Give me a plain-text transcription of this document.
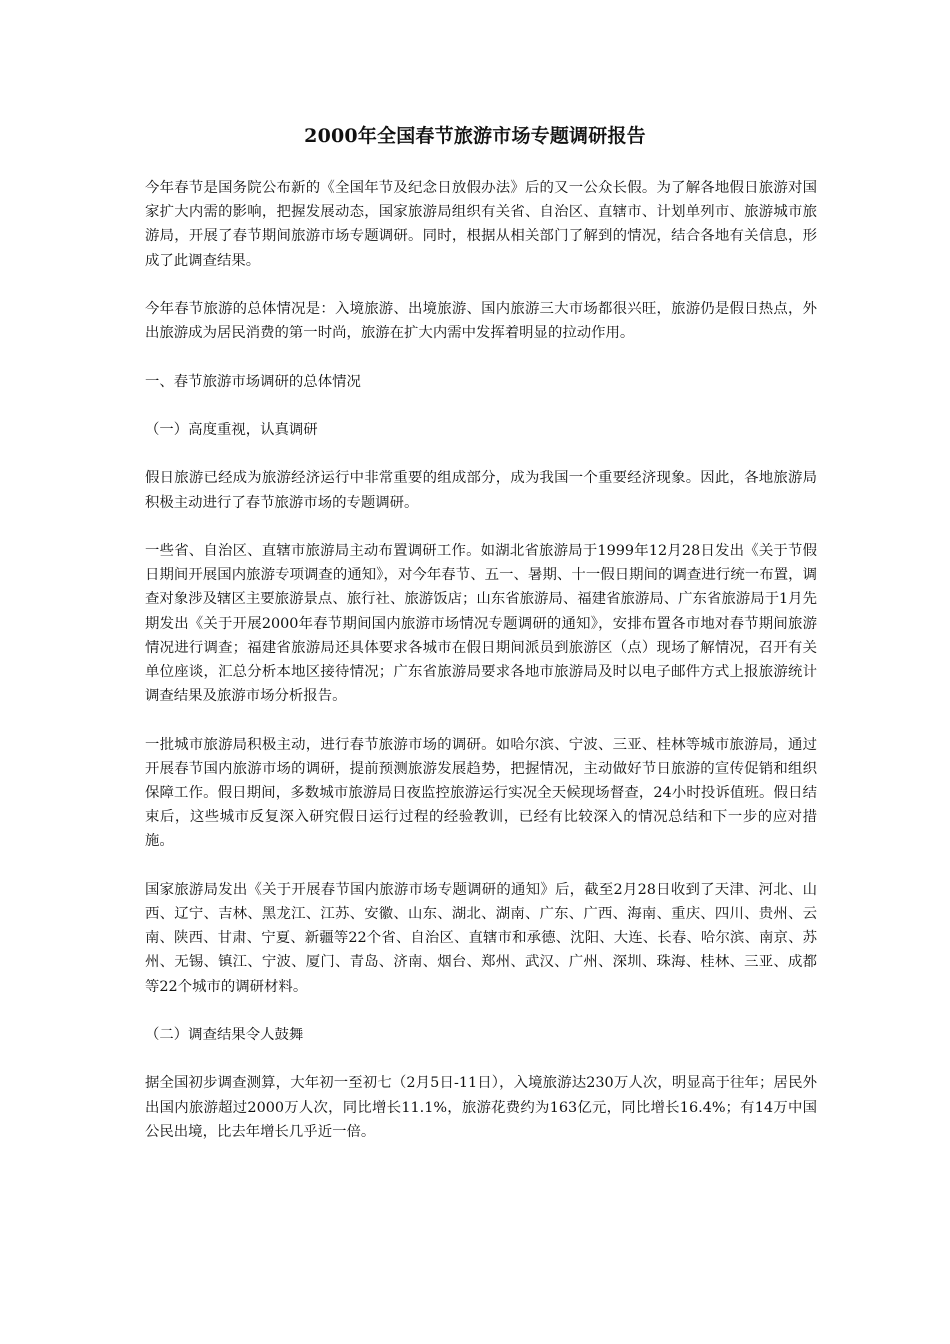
2000年全国春节旅游市场专题调研报告

今年春节是国务院公布新的《全国年节及纪念日放假办法》后的又一公众长假。为了解各地假日旅游对国家扩大内需的影响，把握发展动态，国家旅游局组织有关省、自治区、直辖市、计划单列市、旅游城市旅游局，开展了春节期间旅游市场专题调研。同时，根据从相关部门了解到的情况，结合各地有关信息，形成了此调查结果。

今年春节旅游的总体情况是：入境旅游、出境旅游、国内旅游三大市场都很兴旺，旅游仍是假日热点，外出旅游成为居民消费的第一时尚，旅游在扩大内需中发挥着明显的拉动作用。

一、春节旅游市场调研的总体情况

（一）高度重视，认真调研

假日旅游已经成为旅游经济运行中非常重要的组成部分，成为我国一个重要经济现象。因此，各地旅游局积极主动进行了春节旅游市场的专题调研。

一些省、自治区、直辖市旅游局主动布置调研工作。如湖北省旅游局于1999年12月28日发出《关于节假日期间开展国内旅游专项调查的通知》，对今年春节、五一、暑期、十一假日期间的调查进行统一布置，调查对象涉及辖区主要旅游景点、旅行社、旅游饭店；山东省旅游局、福建省旅游局、广东省旅游局于1月先期发出《关于开展2000年春节期间国内旅游市场情况专题调研的通知》，安排布置各市地对春节期间旅游情况进行调查；福建省旅游局还具体要求各城市在假日期间派员到旅游区（点）现场了解情况，召开有关单位座谈，汇总分析本地区接待情况；广东省旅游局要求各地市旅游局及时以电子邮件方式上报旅游统计调查结果及旅游市场分析报告。

一批城市旅游局积极主动，进行春节旅游市场的调研。如哈尔滨、宁波、三亚、桂林等城市旅游局，通过开展春节国内旅游市场的调研，提前预测旅游发展趋势，把握情况，主动做好节日旅游的宣传促销和组织保障工作。假日期间，多数城市旅游局日夜监控旅游运行实况全天候现场督查，24小时投诉值班。假日结束后，这些城市反复深入研究假日运行过程的经验教训，已经有比较深入的情况总结和下一步的应对措施。

国家旅游局发出《关于开展春节国内旅游市场专题调研的通知》后，截至2月28日收到了天津、河北、山西、辽宁、吉林、黑龙江、江苏、安徽、山东、湖北、湖南、广东、广西、海南、重庆、四川、贵州、云南、陕西、甘肃、宁夏、新疆等22个省、自治区、直辖市和承德、沈阳、大连、长春、哈尔滨、南京、苏州、无锡、镇江、宁波、厦门、青岛、济南、烟台、郑州、武汉、广州、深圳、珠海、桂林、三亚、成都等22个城市的调研材料。

（二）调查结果令人鼓舞

据全国初步调查测算，大年初一至初七（2月5日-11日），入境旅游达230万人次，明显高于往年；居民外出国内旅游超过2000万人次，同比增长11.1%，旅游花费约为163亿元，同比增长16.4%；有14万中国公民出境，比去年增长几乎近一倍。
